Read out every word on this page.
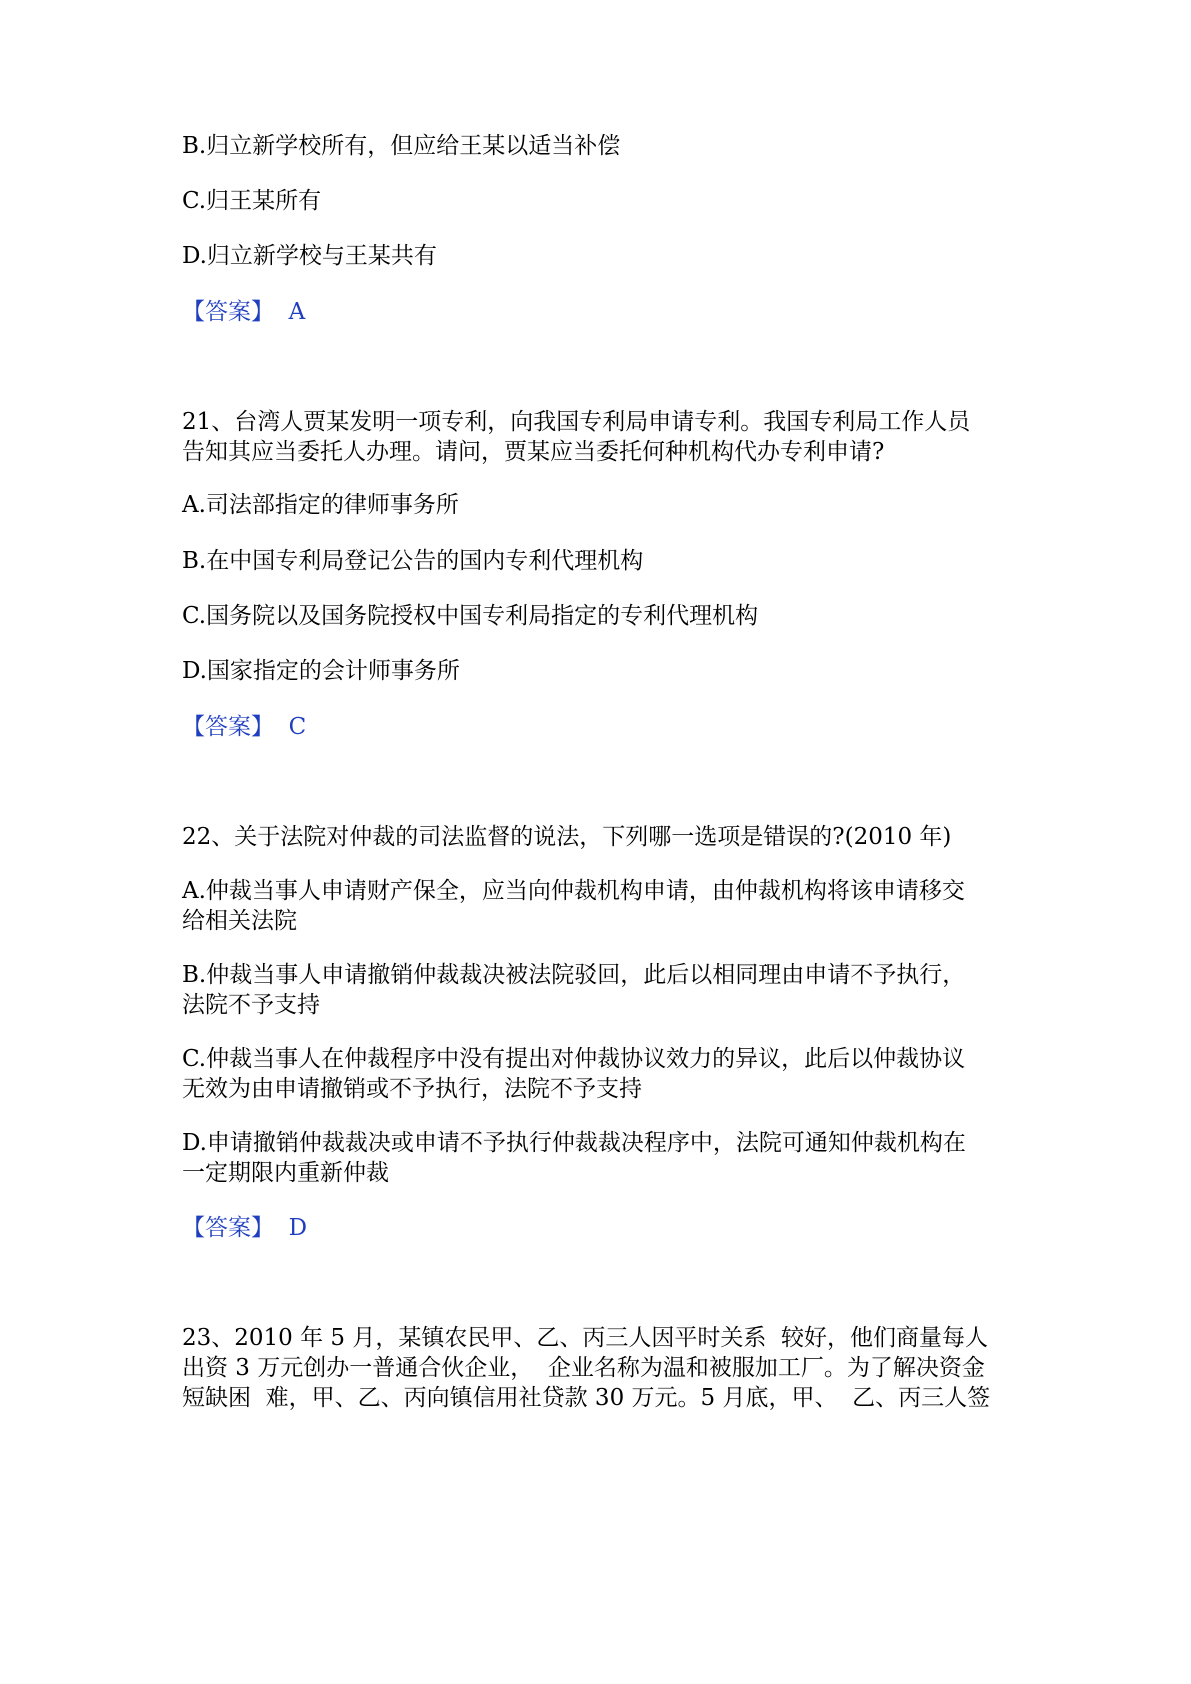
B.归立新学校所有，但应给王某以适当补偿
C.归王某所有
D.归立新学校与王某共有
【答案】 A
21、台湾人贾某发明一项专利，向我国专利局申请专利。我国专利局工作人员
告知其应当委托人办理。请问，贾某应当委托何种机构代办专利申请?
A.司法部指定的律师事务所
B.在中国专利局登记公告的国内专利代理机构
C.国务院以及国务院授权中国专利局指定的专利代理机构
D.国家指定的会计师事务所
【答案】 C
22、关于法院对仲裁的司法监督的说法，下列哪一选项是错误的?(2010 年)
A.仲裁当事人申请财产保全，应当向仲裁机构申请，由仲裁机构将该申请移交
给相关法院
B.仲裁当事人申请撤销仲裁裁决被法院驳回，此后以相同理由申请不予执行，
法院不予支持
C.仲裁当事人在仲裁程序中没有提出对仲裁协议效力的异议，此后以仲裁协议
无效为由申请撤销或不予执行，法院不予支持
D.申请撤销仲裁裁决或申请不予执行仲裁裁决程序中，法院可通知仲裁机构在
一定期限内重新仲裁
【答案】 D
23、2010 年 5 月，某镇农民甲、乙、丙三人因平时关系  较好，他们商量每人
出资 3 万元创办一普通合伙企业，  企业名称为温和被服加工厂。为了解决资金
短缺困  难，甲、乙、丙向镇信用社贷款 30 万元。5 月底，甲、  乙、丙三人签
